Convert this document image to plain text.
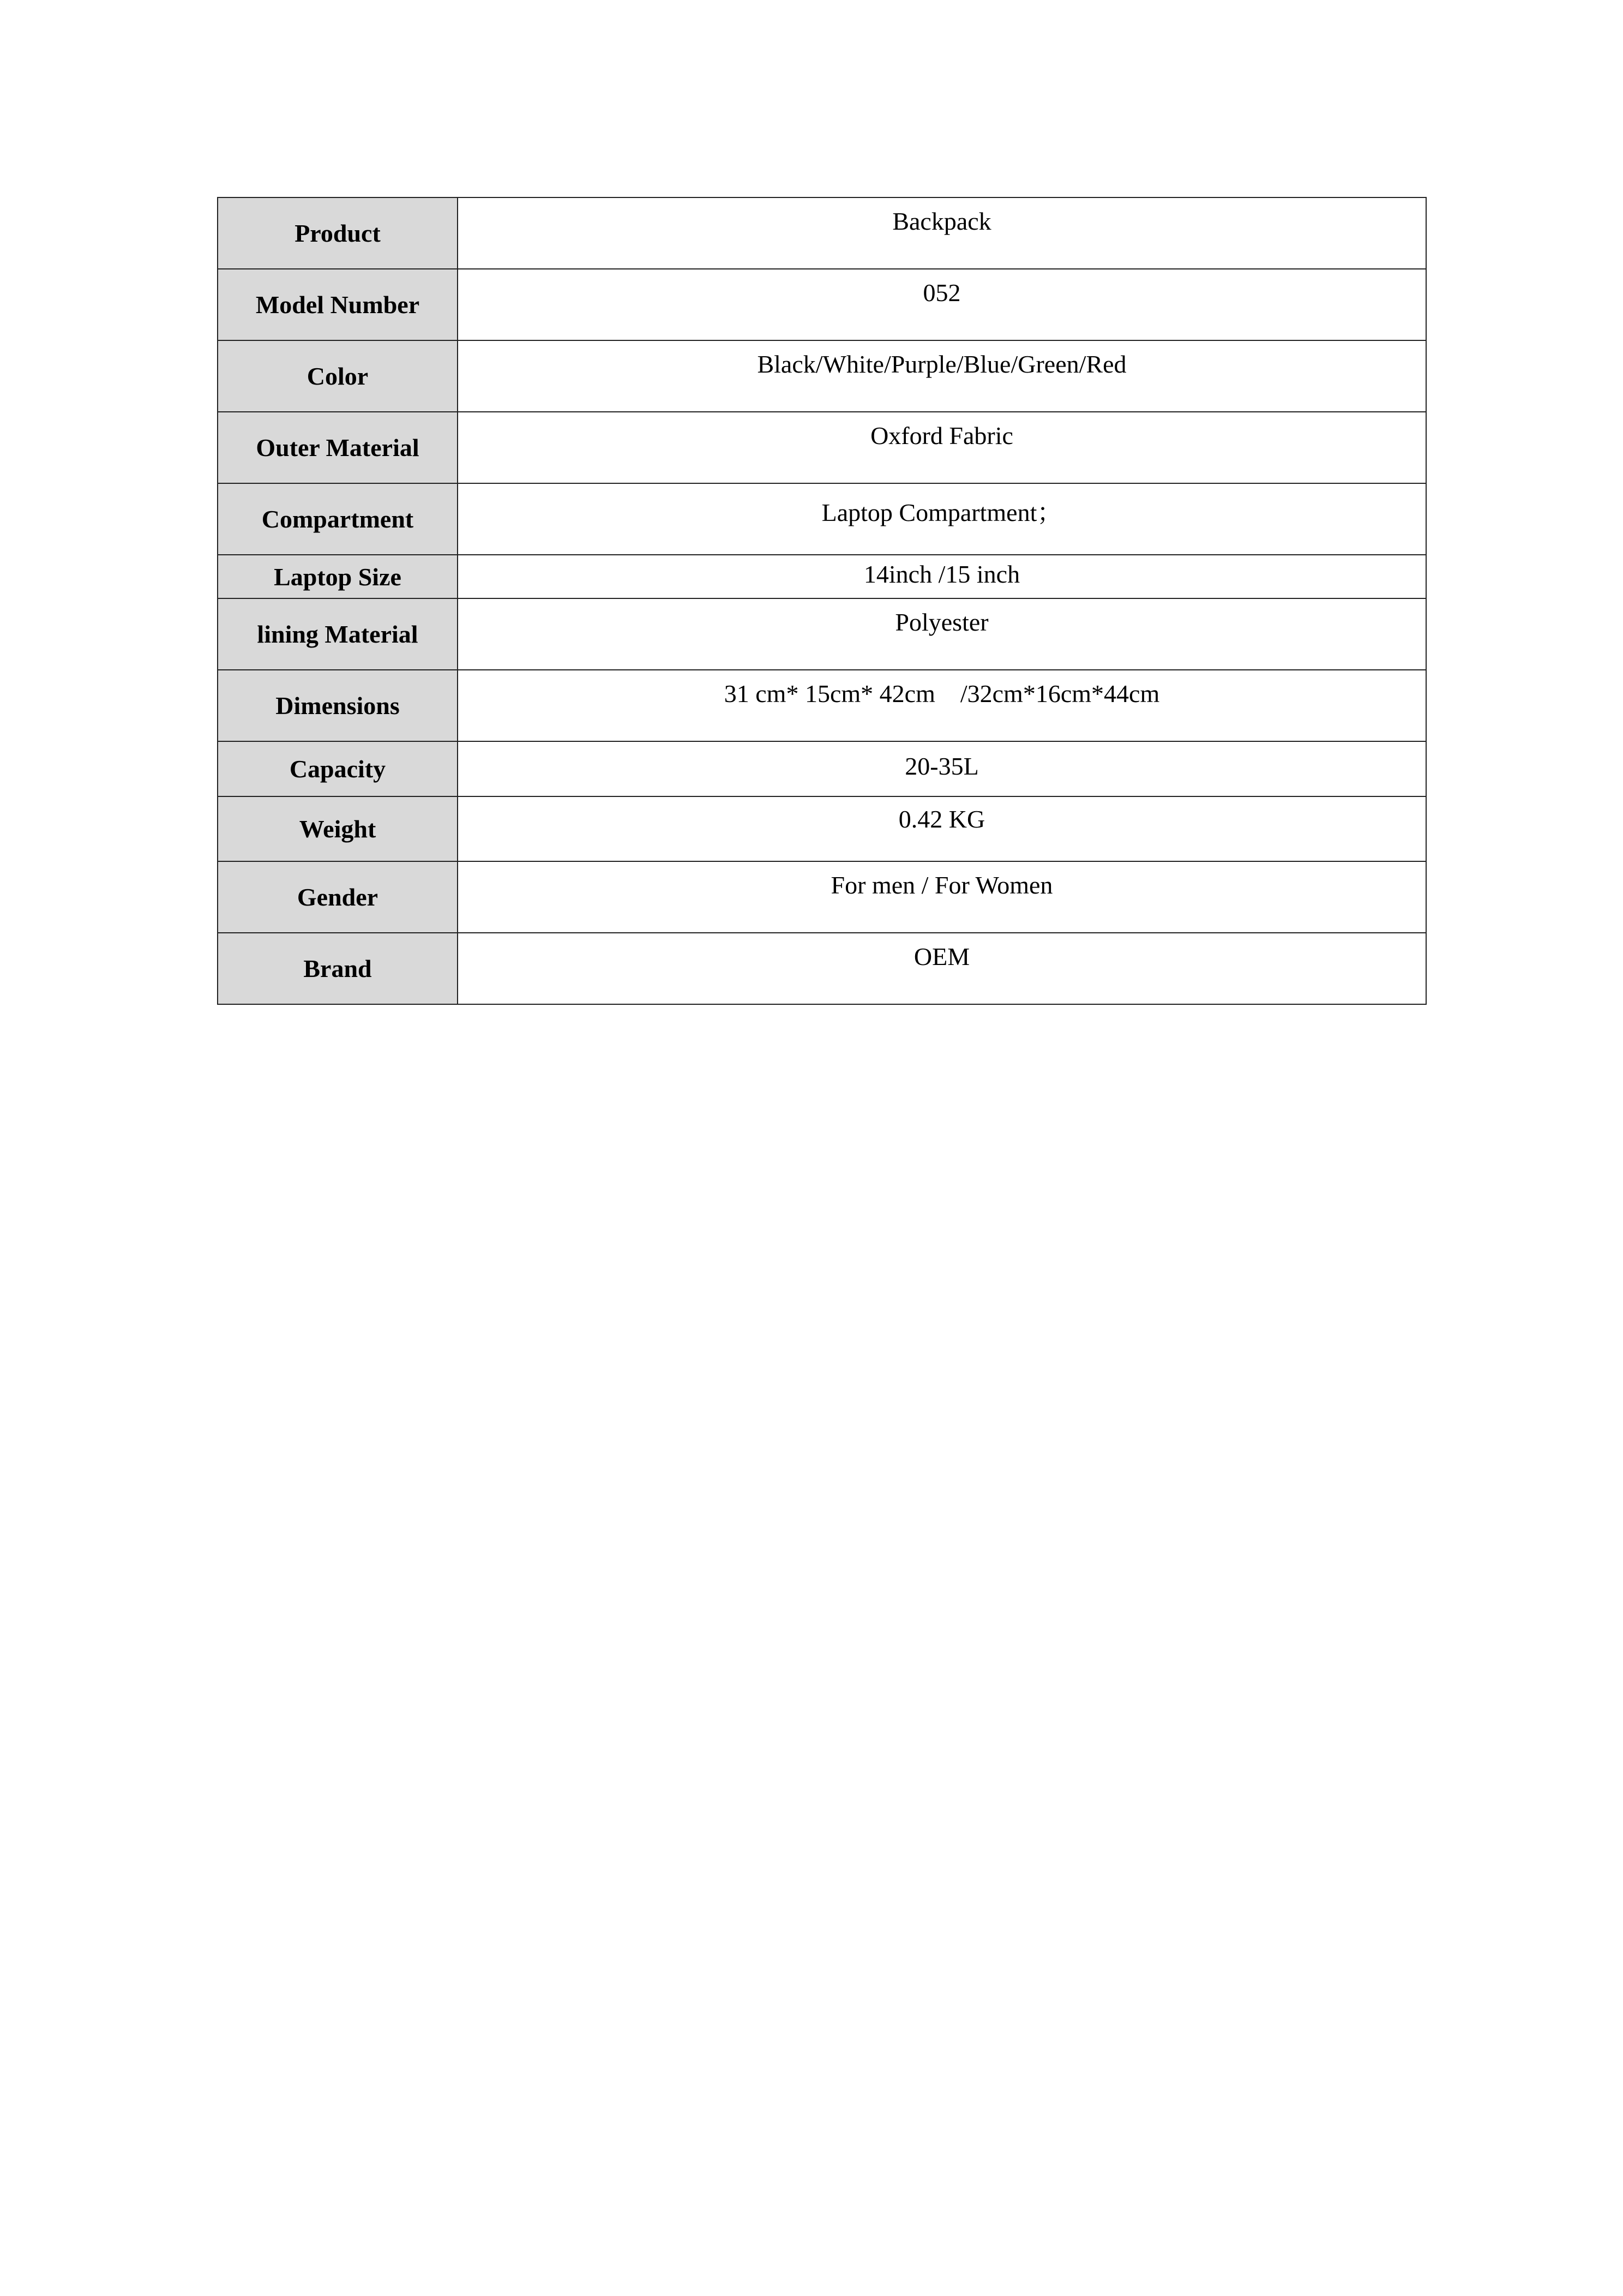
Product	Backpack
Model Number	052
Color	Black/White/Purple/Blue/Green/Red
Outer Material	Oxford Fabric
Compartment	Laptop Compartment；
Laptop Size	14inch /15 inch
lining Material	Polyester
Dimensions	31 cm* 15cm* 42cm    /32cm*16cm*44cm
Capacity	20-35L
Weight	0.42 KG
Gender	For men / For Women
Brand	OEM
